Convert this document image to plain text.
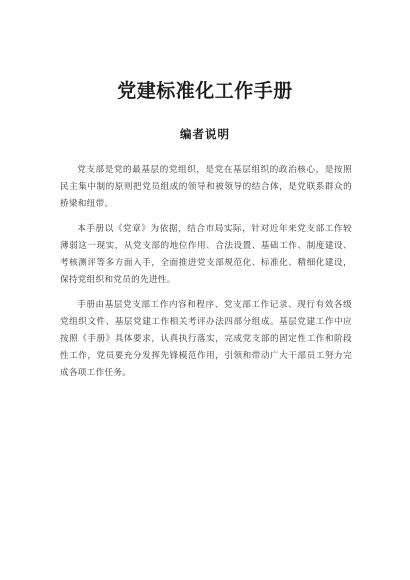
党建标准化工作手册
编者说明

党支部是党的最基层的党组织，是党在基层组织的政治核心，是按照民主集中制的原则把党员组成的领导和被领导的结合体，是党联系群众的桥梁和纽带。

本手册以《党章》为依据，结合市局实际，针对近年来党支部工作较薄弱这一现实，从党支部的地位作用、合法设置、基础工作、制度建设、考核测评等多方面入手，全面推进党支部规范化、标准化、精细化建设，保持党组织和党员的先进性。

手册由基层党支部工作内容和程序、党支部工作记录、现行有效各级党组织文件、基层党建工作相关考评办法四部分组成。基层党建工作中应按照《手册》具体要求，认真执行落实，完成党支部的固定性工作和阶段性工作，党员要充分发挥先锋模范作用，引领和带动广大干部员工努力完成各项工作任务。
